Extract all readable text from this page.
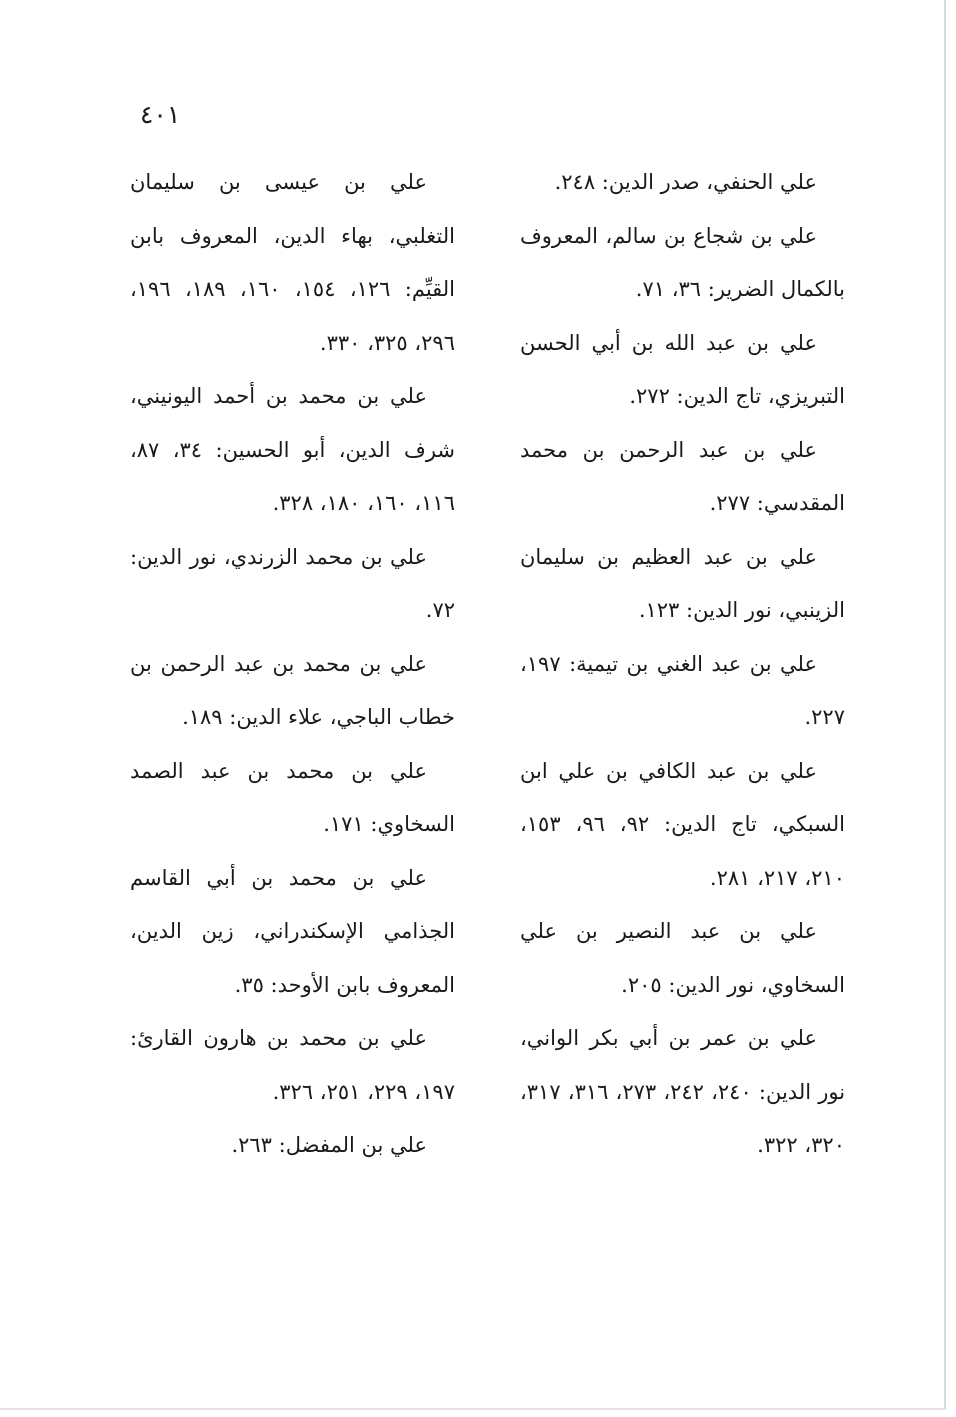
٤٠١

علي الحنفي، صدر الدين: ٢٤٨.

علي بن شجاع بن سالم، المعروف بالكمال الضرير: ٣٦، ٧١.

علي بن عبد الله بن أبي الحسن التبريزي، تاج الدين: ٢٧٢.

علي بن عبد الرحمن بن محمد المقدسي: ٢٧٧.

علي بن عبد العظيم بن سليمان الزينبي، نور الدين: ١٢٣.

علي بن عبد الغني بن تيمية: ١٩٧، ٢٢٧.

علي بن عبد الكافي بن علي ابن السبكي، تاج الدين: ٩٢، ٩٦، ١٥٣، ٢١٠، ٢١٧، ٢٨١.

علي بن عبد النصير بن علي السخاوي، نور الدين: ٢٠٥.

علي بن عمر بن أبي بكر الواني، نور الدين: ٢٤٠، ٢٤٢، ٢٧٣، ٣١٦، ٣١٧، ٣٢٠، ٣٢٢.

علي بن عيسى بن سليمان التغلبي، بهاء الدين، المعروف بابن القيِّم: ١٢٦، ١٥٤، ١٦٠، ١٨٩، ١٩٦، ٢٩٦، ٣٢٥، ٣٣٠.

علي بن محمد بن أحمد اليونيني، شرف الدين، أبو الحسين: ٣٤، ٨٧، ١١٦، ١٦٠، ١٨٠، ٣٢٨.

علي بن محمد الزرندي، نور الدين: ٧٢.

علي بن محمد بن عبد الرحمن بن خطاب الباجي، علاء الدين: ١٨٩.

علي بن محمد بن عبد الصمد السخاوي: ١٧١.

علي بن محمد بن أبي القاسم الجذامي الإسكندراني، زين الدين، المعروف بابن الأوحد: ٣٥.

علي بن محمد بن هارون القارئ: ١٩٧، ٢٢٩، ٢٥١، ٣٢٦.

علي بن المفضل: ٢٦٣.
